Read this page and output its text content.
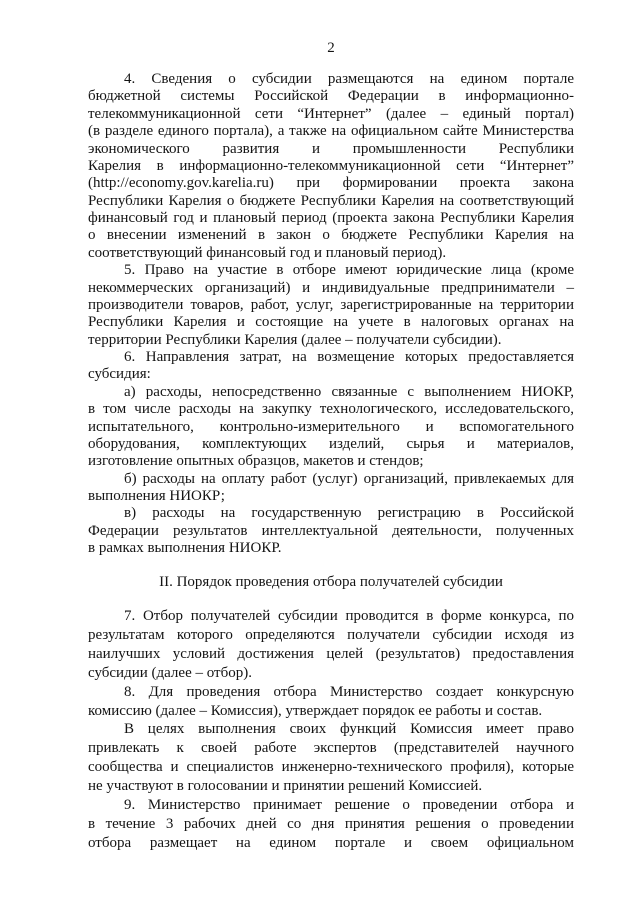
2
4. Сведения о субсидии размещаются на едином портале
бюджетной системы Российской Федерации в информационно-
телекоммуникационной сети “Интернет” (далее – единый портал)
(в разделе единого портала), а также на официальном сайте Министерства
экономического развития и промышленности Республики
Карелия в информационно-телекоммуникационной сети “Интернет”
(http://economy.gov.karelia.ru) при формировании проекта закона
Республики Карелия о бюджете Республики Карелия на соответствующий
финансовый год и плановый период (проекта закона Республики Карелия
о внесении изменений в закон о бюджете Республики Карелия на
соответствующий финансовый год и плановый период).
5. Право на участие в отборе имеют юридические лица (кроме
некоммерческих организаций) и индивидуальные предприниматели –
производители товаров, работ, услуг, зарегистрированные на территории
Республики Карелия и состоящие на учете в налоговых органах на
территории Республики Карелия (далее – получатели субсидии).
6. Направления затрат, на возмещение которых предоставляется
субсидия:
а) расходы, непосредственно связанные с выполнением НИОКР,
в том числе расходы на закупку технологического, исследовательского,
испытательного, контрольно-измерительного и вспомогательного
оборудования, комплектующих изделий, сырья и материалов,
изготовление опытных образцов, макетов и стендов;
б) расходы на оплату работ (услуг) организаций, привлекаемых для
выполнения НИОКР;
в) расходы на государственную регистрацию в Российской
Федерации результатов интеллектуальной деятельности, полученных
в рамках выполнения НИОКР.
II. Порядок проведения отбора получателей субсидии
7. Отбор получателей субсидии проводится в форме конкурса, по
результатам которого определяются получатели субсидии исходя из
наилучших условий достижения целей (результатов) предоставления
субсидии (далее – отбор).
8. Для проведения отбора Министерство создает конкурсную
комиссию (далее – Комиссия), утверждает порядок ее работы и состав.
В целях выполнения своих функций Комиссия имеет право
привлекать к своей работе экспертов (представителей научного
сообщества и специалистов инженерно-технического профиля), которые
не участвуют в голосовании и принятии решений Комиссией.
9. Министерство принимает решение о проведении отбора и
в течение 3 рабочих дней со дня принятия решения о проведении
отбора размещает на едином портале и своем официальном
